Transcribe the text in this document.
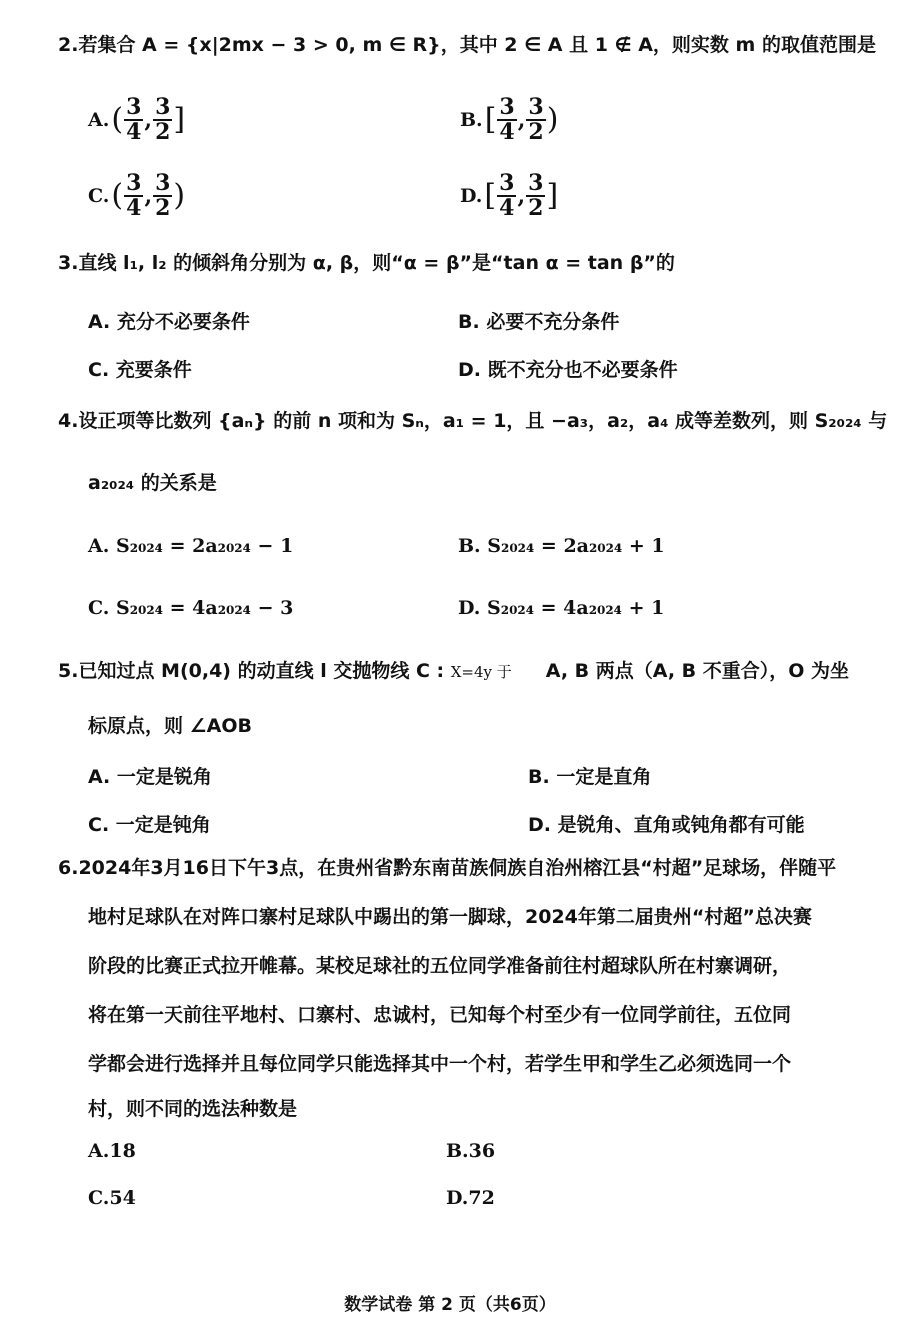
2.若集合 A = {x|2mx − 3 > 0, m ∈ R}，其中 2 ∈ A 且 1 ∉ A，则实数 m 的取值范围是
A. ( $\frac{3}{4}$ , $\frac{3}{2}$ ]	B. [ $\frac{3}{4}$ , $\frac{3}{2}$ )
C. ( $\frac{3}{4}$ , $\frac{3}{2}$ )	D. [ $\frac{3}{4}$ , $\frac{3}{2}$ ]
3.直线 l₁, l₂ 的倾斜角分别为 α, β，则“α = β”是“tan α = tan β”的
A. 充分不必要条件	B. 必要不充分条件
C. 充要条件	D. 既不充分也不必要条件
4.设正项等比数列 {aₙ} 的前 n 项和为 Sₙ，a₁ = 1，且 −a₃，a₂，a₄ 成等差数列，则 S₂₀₂₄ 与
a₂₀₂₄ 的关系是
A. S₂₀₂₄ = 2a₂₀₂₄ − 1	B. S₂₀₂₄ = 2a₂₀₂₄ + 1
C. S₂₀₂₄ = 4a₂₀₂₄ − 3	D. S₂₀₂₄ = 4a₂₀₂₄ + 1
5.已知过点 M(0,4) 的动直线 l 交抛物线 C : X=4y 于 A, B 两点（A, B 不重合），O 为坐
标原点，则 ∠AOB
A. 一定是锐角	B. 一定是直角
C. 一定是钝角	D. 是锐角、直角或钝角都有可能
6.2024年3月16日下午3点，在贵州省黔东南苗族侗族自治州榕江县“村超”足球场，伴随平
地村足球队在对阵口寨村足球队中踢出的第一脚球，2024年第二届贵州“村超”总决赛
阶段的比赛正式拉开帷幕。某校足球社的五位同学准备前往村超球队所在村寨调研，
将在第一天前往平地村、口寨村、忠诚村，已知每个村至少有一位同学前往，五位同
学都会进行选择并且每位同学只能选择其中一个村，若学生甲和学生乙必须选同一个
村，则不同的选法种数是
A.18	B.36
C.54	D.72
数学试卷 第 2 页（共6页）
